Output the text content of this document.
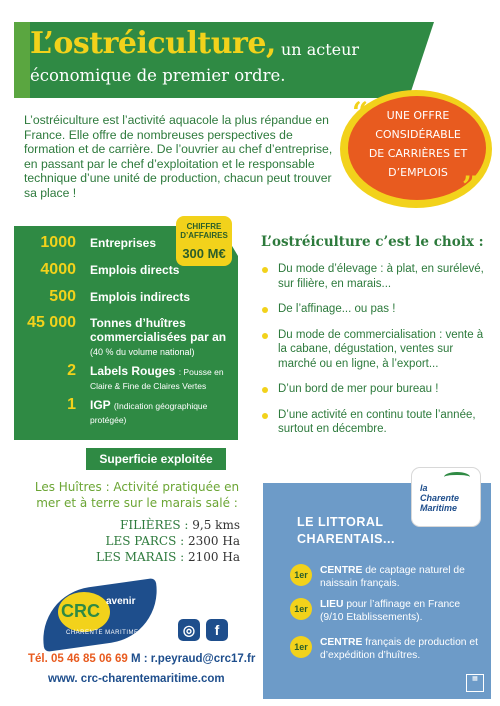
L’ostréiculture, un acteur
économique de premier ordre.

L’ostréiculture est l’activité aquacole la plus répandue en France. Elle offre de nombreuses perspectives de formation et de carrière. De l’ouvrier au chef d’entreprise, en passant par le chef d’exploitation et le responsable technique d’une unité de production, chacun peut trouver sa place !

“	UNE OFFRE
CONSIDÉRABLE
DE CARRIÈRES ET
D’EMPLOIS ”
1000 Entreprises
4000 Emplois directs
500 Emplois indirects
45 000 Tonnes d’huîtres commercialisées par an
(40 % du volume national)
2 Labels Rouges : Pousse en Claire & Fine de Claires Vertes
1 IGP (Indication géographique protégée)
CHIFFRE
D’AFFAIRES
300 M€
L’ostréiculture c’est le choix :
Du mode d’élevage : à plat, en surélevé, sur filière, en marais...
De l’affinage... ou pas !
Du mode de commercialisation : vente à la cabane, dégustation, ventes sur marché ou en ligne, à l’export...
D’un bord de mer pour bureau !
D’une activité en continu toute l’année, surtout en décembre.
Superficie exploitée
Les Huîtres : Activité pratiquée en mer et à terre sur le marais salé :
FILIÈRES : 9,5 kms
LES PARCS : 2300 Ha
LES MARAIS : 2100 Ha
CRC avenir
CHARENTE MARITIME	◎	f
Tél. 05 46 85 06 69 M : r.peyraud@crc17.fr
www. crc-charentemaritime.com
LE LITTORAL
CHARENTAIS...
1er	CENTRE de captage naturel de naissain français.
1er	LIEU pour l’affinage en France (9/10 Etablissements).
1er	CENTRE français de production et d’expédition d’huîtres.
la
Charente Maritime
▦
